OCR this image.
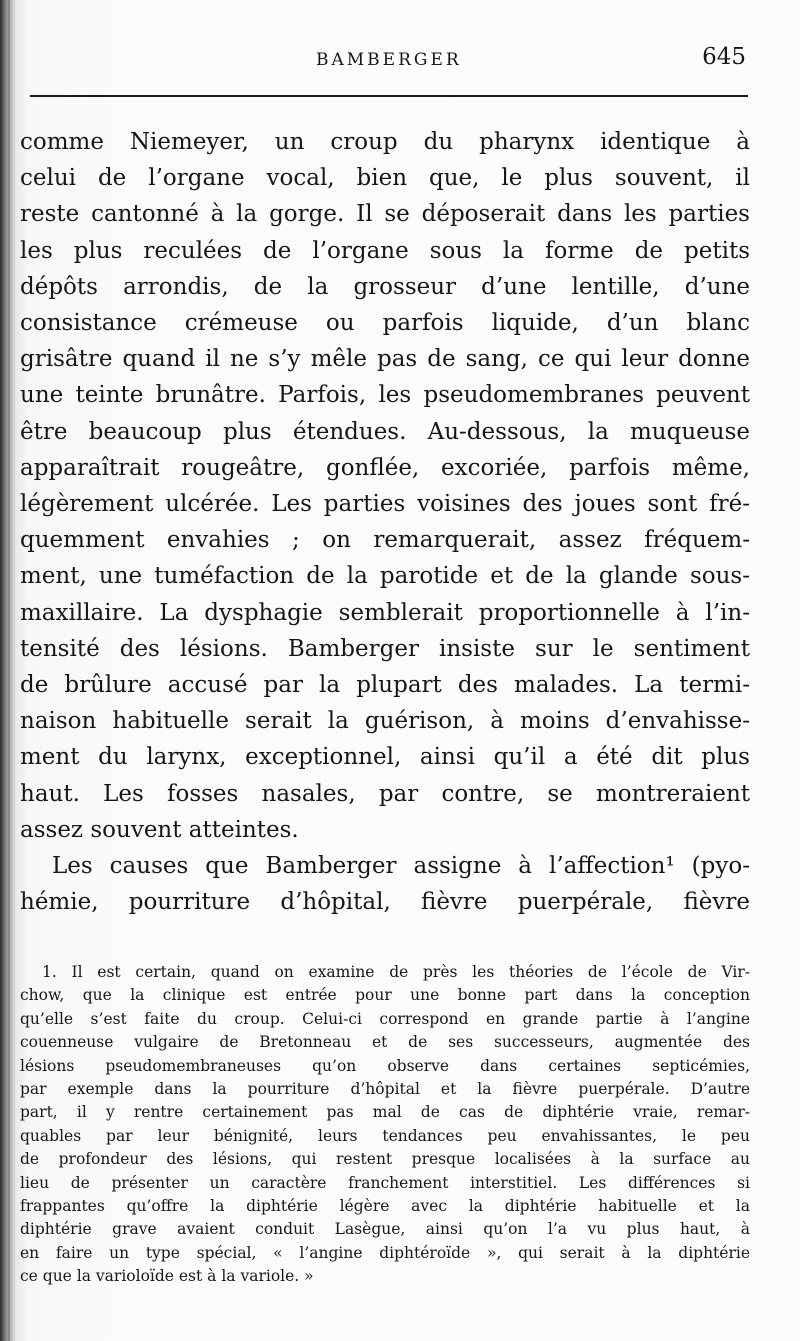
BAMBERGER	645
comme Niemeyer, un croup du pharynx identique à
celui de l’organe vocal, bien que, le plus souvent, il
reste cantonné à la gorge. Il se déposerait dans les parties
les plus reculées de l’organe sous la forme de petits
dépôts arrondis, de la grosseur d’une lentille, d’une
consistance crémeuse ou parfois liquide, d’un blanc
grisâtre quand il ne s’y mêle pas de sang, ce qui leur donne
une teinte brunâtre. Parfois, les pseudomembranes peuvent
être beaucoup plus étendues. Au-dessous, la muqueuse
apparaîtrait rougeâtre, gonflée, excoriée, parfois même,
légèrement ulcérée. Les parties voisines des joues sont fré-
quemment envahies ; on remarquerait, assez fréquem-
ment, une tuméfaction de la parotide et de la glande sous-
maxillaire. La dysphagie semblerait proportionnelle à l’in-
tensité des lésions. Bamberger insiste sur le sentiment
de brûlure accusé par la plupart des malades. La termi-
naison habituelle serait la guérison, à moins d’envahisse-
ment du larynx, exceptionnel, ainsi qu’il a été dit plus
haut. Les fosses nasales, par contre, se montreraient
assez souvent atteintes.
Les causes que Bamberger assigne à l’affection¹ (pyo-
hémie, pourriture d’hôpital, fièvre puerpérale, fièvre
1. Il est certain, quand on examine de près les théories de l’école de Vir-
chow, que la clinique est entrée pour une bonne part dans la conception
qu’elle s’est faite du croup. Celui-ci correspond en grande partie à l’angine
couenneuse vulgaire de Bretonneau et de ses successeurs, augmentée des
lésions pseudomembraneuses qu’on observe dans certaines septicémies,
par exemple dans la pourriture d’hôpital et la fièvre puerpérale. D’autre
part, il y rentre certainement pas mal de cas de diphtérie vraie, remar-
quables par leur bénignité, leurs tendances peu envahissantes, le peu
de profondeur des lésions, qui restent presque localisées à la surface au
lieu de présenter un caractère franchement interstitiel. Les différences si
frappantes qu’offre la diphtérie légère avec la diphtérie habituelle et la
diphtérie grave avaient conduit Lasègue, ainsi qu’on l’a vu plus haut, à
en faire un type spécial, « l’angine diphtéroïde », qui serait à la diphtérie
ce que la varioloïde est à la variole. »
